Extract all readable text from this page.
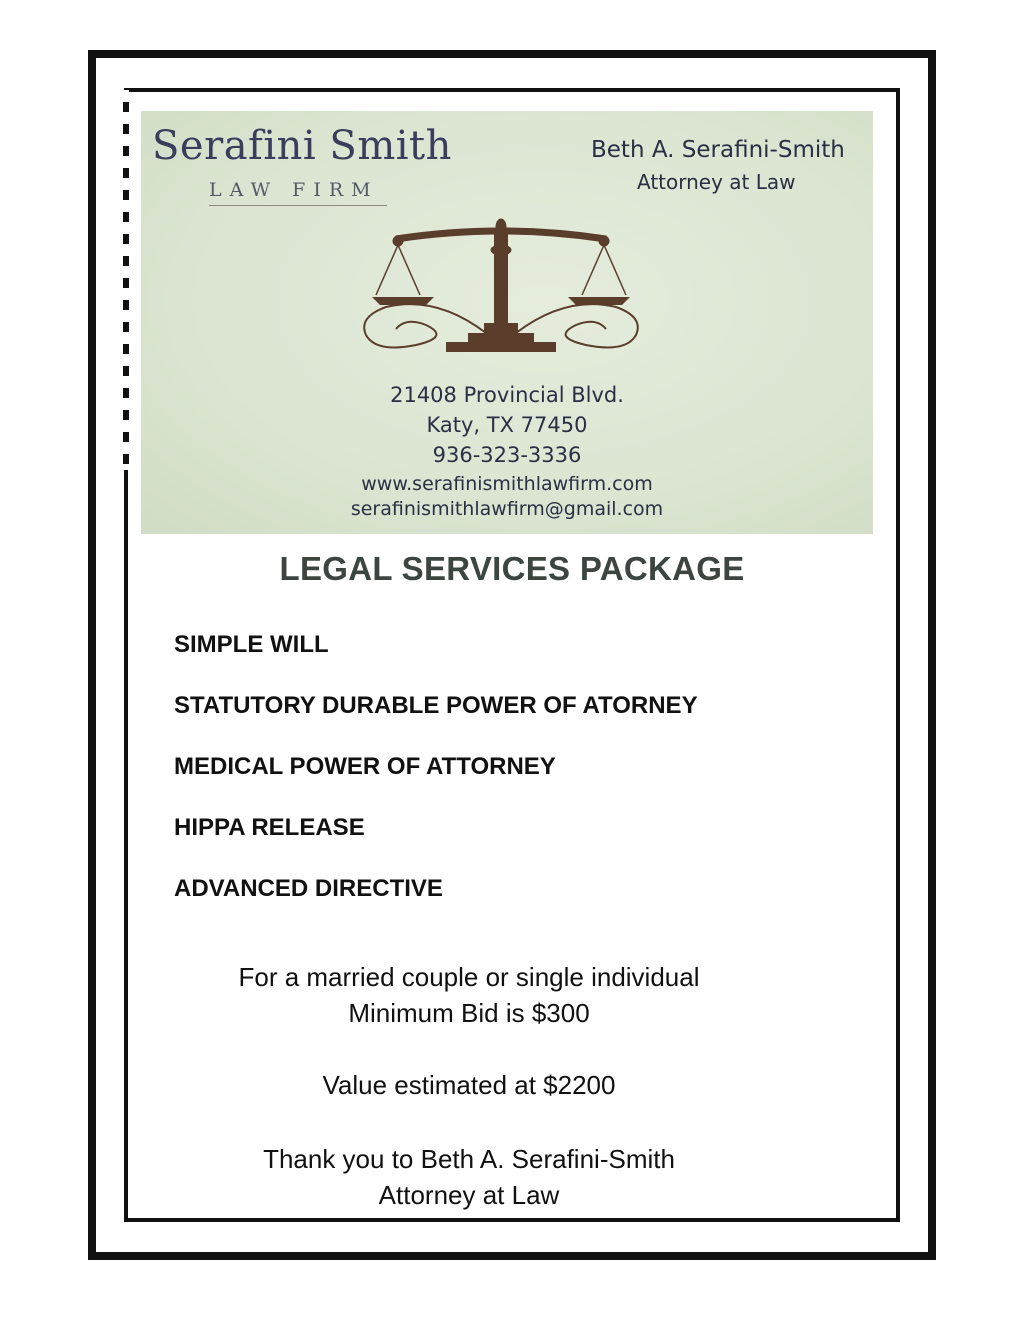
Serafini Smith
LAW FIRM
Beth A. Serafini-Smith
Attorney at Law
21408 Provincial Blvd.
Katy, TX 77450
936-323-3336
www.serafinismithlawfirm.com
serafinismithlawfirm@gmail.com
LEGAL SERVICES PACKAGE
SIMPLE WILL
STATUTORY DURABLE POWER OF ATORNEY
MEDICAL POWER OF ATTORNEY
HIPPA RELEASE
ADVANCED DIRECTIVE
For a married couple or single individual
Minimum Bid is $300
Value estimated at $2200
Thank you to Beth A. Serafini-Smith
Attorney at Law
